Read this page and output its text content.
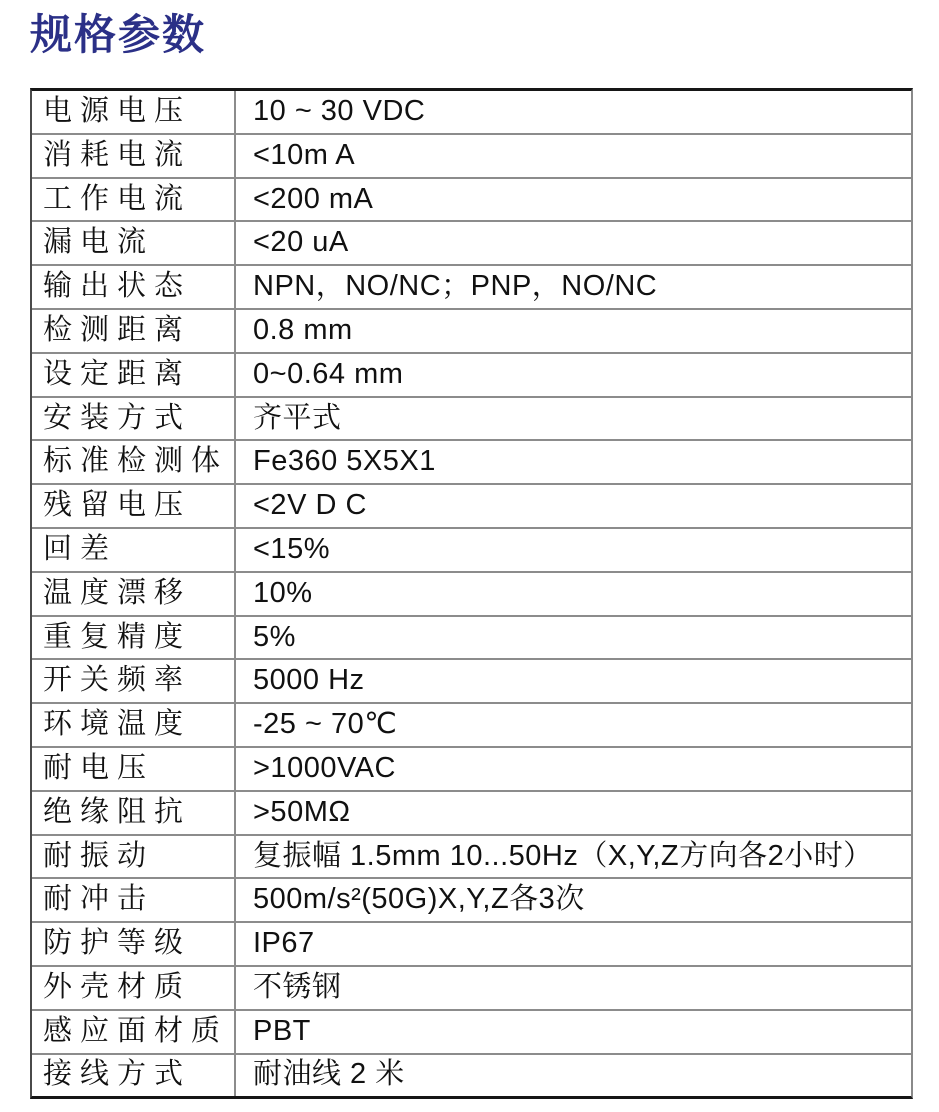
规格参数
电源电压	10 ~ 30 VDC
消耗电流	<10m A
工作电流	<200 mA
漏电流	<20 uA
输出状态	NPN，NO/NC；PNP，NO/NC
检测距离	0.8 mm
设定距离	0~0.64 mm
安装方式	齐平式
标准检测体	Fe360 5X5X1
残留电压	<2V D C
回差	<15%
温度漂移	10%
重复精度	5%
开关频率	5000 Hz
环境温度	-25 ~ 70℃
耐电压	>1000VAC
绝缘阻抗	>50MΩ
耐振动	复振幅 1.5mm 10...50Hz（X,Y,Z方向各2小时）
耐冲击	500m/s²(50G)X,Y,Z各3次
防护等级	IP67
外壳材质	不锈钢
感应面材质	PBT
接线方式	耐油线 2 米
